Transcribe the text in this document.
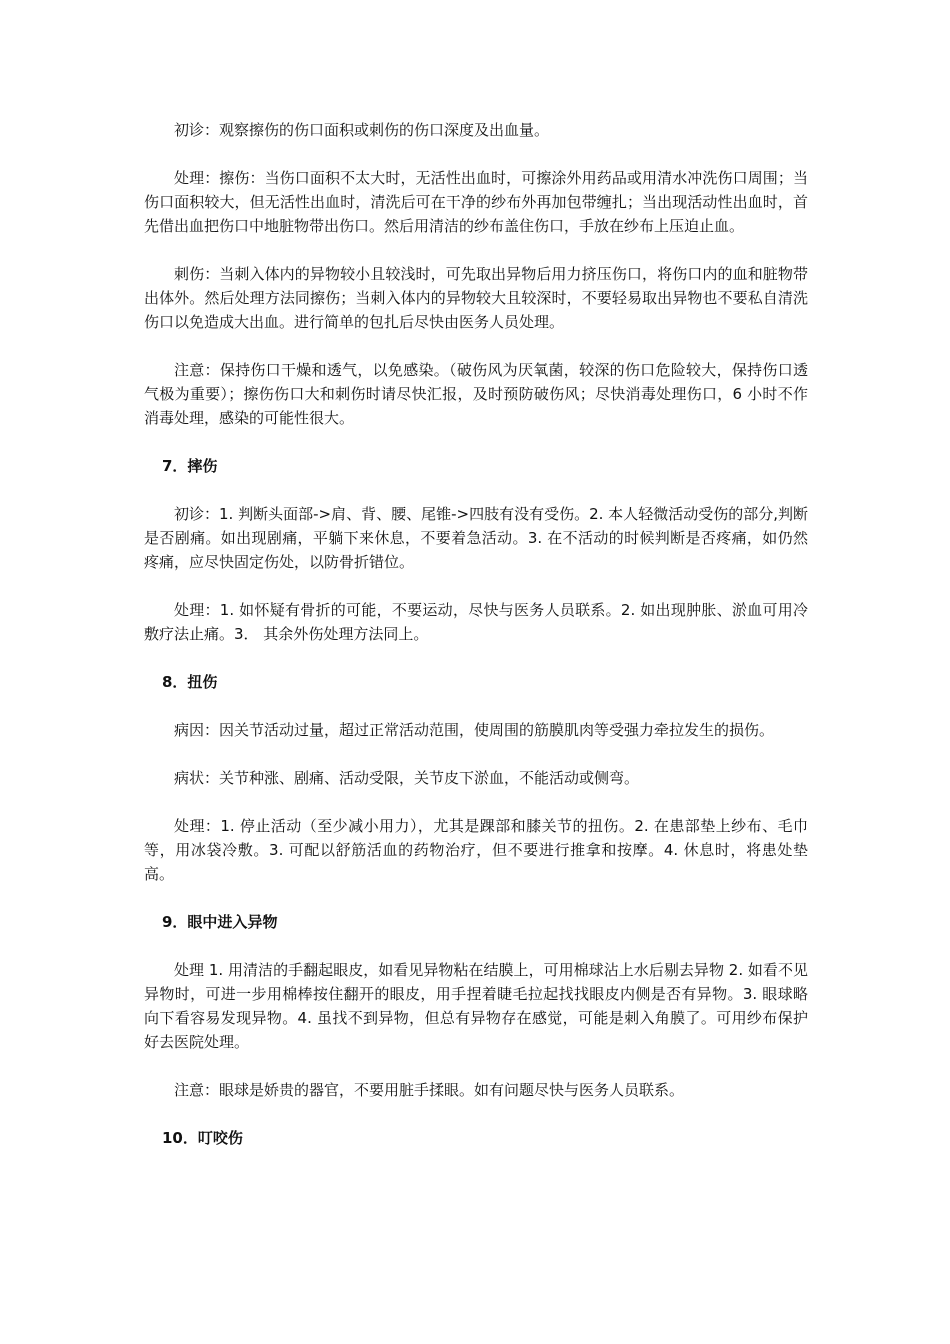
初诊：观察擦伤的伤口面积或刺伤的伤口深度及出血量。

处理：擦伤：当伤口面积不太大时，无活性出血时，可擦涂外用药品或用清水冲洗伤口周围；当伤口面积较大，但无活性出血时，清洗后可在干净的纱布外再加包带缠扎；当出现活动性出血时，首先借出血把伤口中地脏物带出伤口。然后用清洁的纱布盖住伤口，手放在纱布上压迫止血。

刺伤：当刺入体内的异物较小且较浅时，可先取出异物后用力挤压伤口，将伤口内的血和脏物带出体外。然后处理方法同擦伤；当刺入体内的异物较大且较深时，不要轻易取出异物也不要私自清洗伤口以免造成大出血。进行简单的包扎后尽快由医务人员处理。

注意：保持伤口干燥和透气，以免感染。（破伤风为厌氧菌，较深的伤口危险较大，保持伤口透气极为重要）；擦伤伤口大和刺伤时请尽快汇报，及时预防破伤风；尽快消毒处理伤口，6 小时不作消毒处理，感染的可能性很大。

7．摔伤

初诊：1. 判断头面部->肩、背、腰、尾锥->四肢有没有受伤。2. 本人轻微活动受伤的部分,判断是否剧痛。如出现剧痛，平躺下来休息，不要着急活动。3. 在不活动的时候判断是否疼痛，如仍然疼痛，应尽快固定伤处，以防骨折错位。

处理：1. 如怀疑有骨折的可能，不要运动，尽快与医务人员联系。2. 如出现肿胀、淤血可用冷敷疗法止痛。3． 其余外伤处理方法同上。

8．扭伤

病因：因关节活动过量，超过正常活动范围，使周围的筋膜肌肉等受强力牵拉发生的损伤。

病状：关节种涨、剧痛、活动受限，关节皮下淤血，不能活动或侧弯。

处理：1. 停止活动（至少减小用力），尤其是踝部和膝关节的扭伤。2. 在患部垫上纱布、毛巾等，用冰袋冷敷。3. 可配以舒筋活血的药物治疗，但不要进行推拿和按摩。4. 休息时，将患处垫高。

9．眼中进入异物

处理 1. 用清洁的手翻起眼皮，如看见异物粘在结膜上，可用棉球沾上水后剔去异物 2. 如看不见异物时，可进一步用棉棒按住翻开的眼皮，用手捏着睫毛拉起找找眼皮内侧是否有异物。3. 眼球略向下看容易发现异物。4. 虽找不到异物，但总有异物存在感觉，可能是刺入角膜了。可用纱布保护好去医院处理。

注意：眼球是娇贵的器官，不要用脏手揉眼。如有问题尽快与医务人员联系。

10．叮咬伤
